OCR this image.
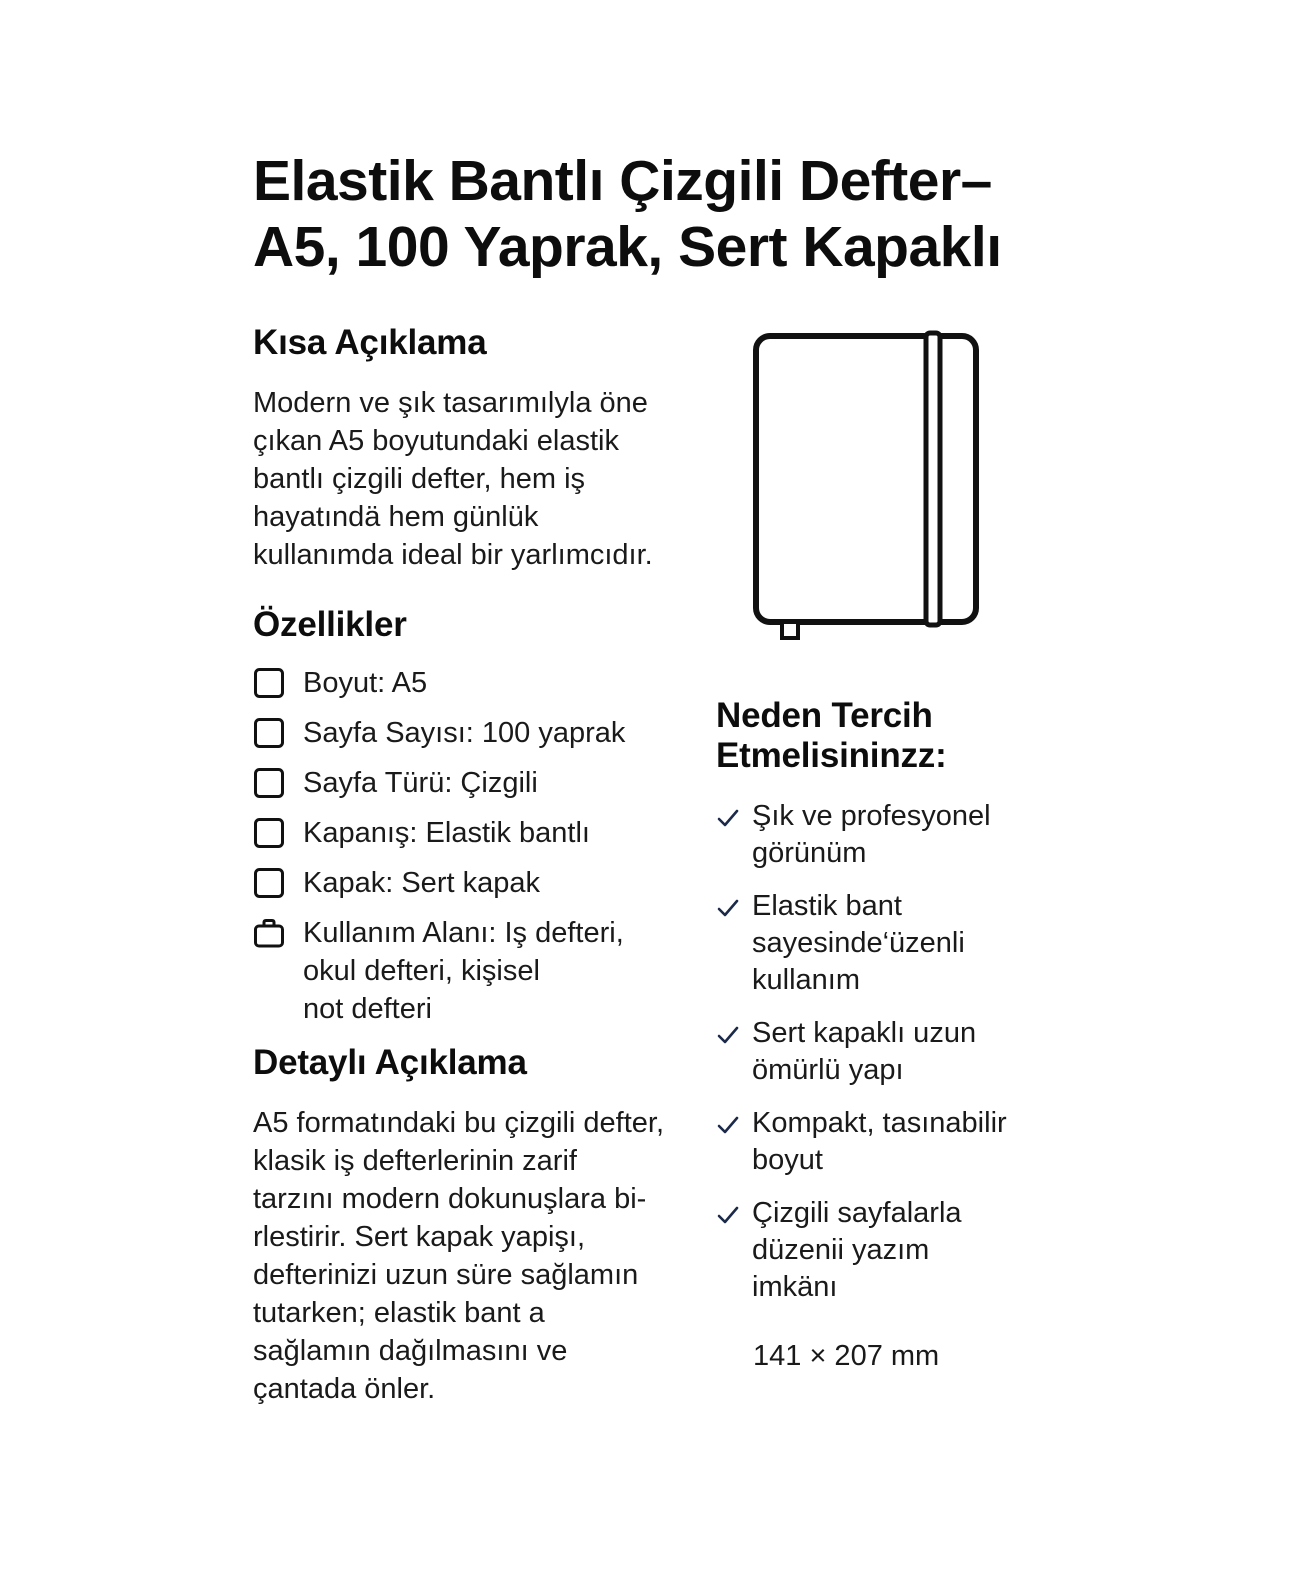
Elastik Bantlı Çizgili Defter–
A5, 100 Yaprak, Sert Kapaklı
Kısa Açıklama

Modern ve şık tasarımılyla öne
çıkan A5 boyutundaki elastik
bantlı çizgili defter, hem iş
hayatındä hem günlük
kullanımda ideal bir yarlımcıdır.

Özellikler
Boyut: A5
Sayfa Sayısı: 100 yaprak
Sayfa Türü: Çizgili
Kapanış: Elastik bantlı
Kapak: Sert kapak
Kullanım Alanı: Iş defteri,
okul defteri, kişisel
not defteri
Detaylı Açıklama

A5 formatındaki bu çizgili defter,
klasik iş defterlerinin zarif
tarzını modern dokunuşlara bi-
rlestirir. Sert kapak yapişı,
defterinizi uzun süre sağlamın
tutarken; elastik bant a
sağlamın dağılmasını ve
çantada önler.

Neden Tercih
Etmelisininzz:
Şık ve profesyonel
görünüm
Elastik bant
sayesinde‘üzenli
kullanım
Sert kapaklı uzun
ömürlü yapı
Kompakt, tasınabilir
boyut
Çizgili sayfalarla
düzenii yazım
imkänı
141 × 207 mm
